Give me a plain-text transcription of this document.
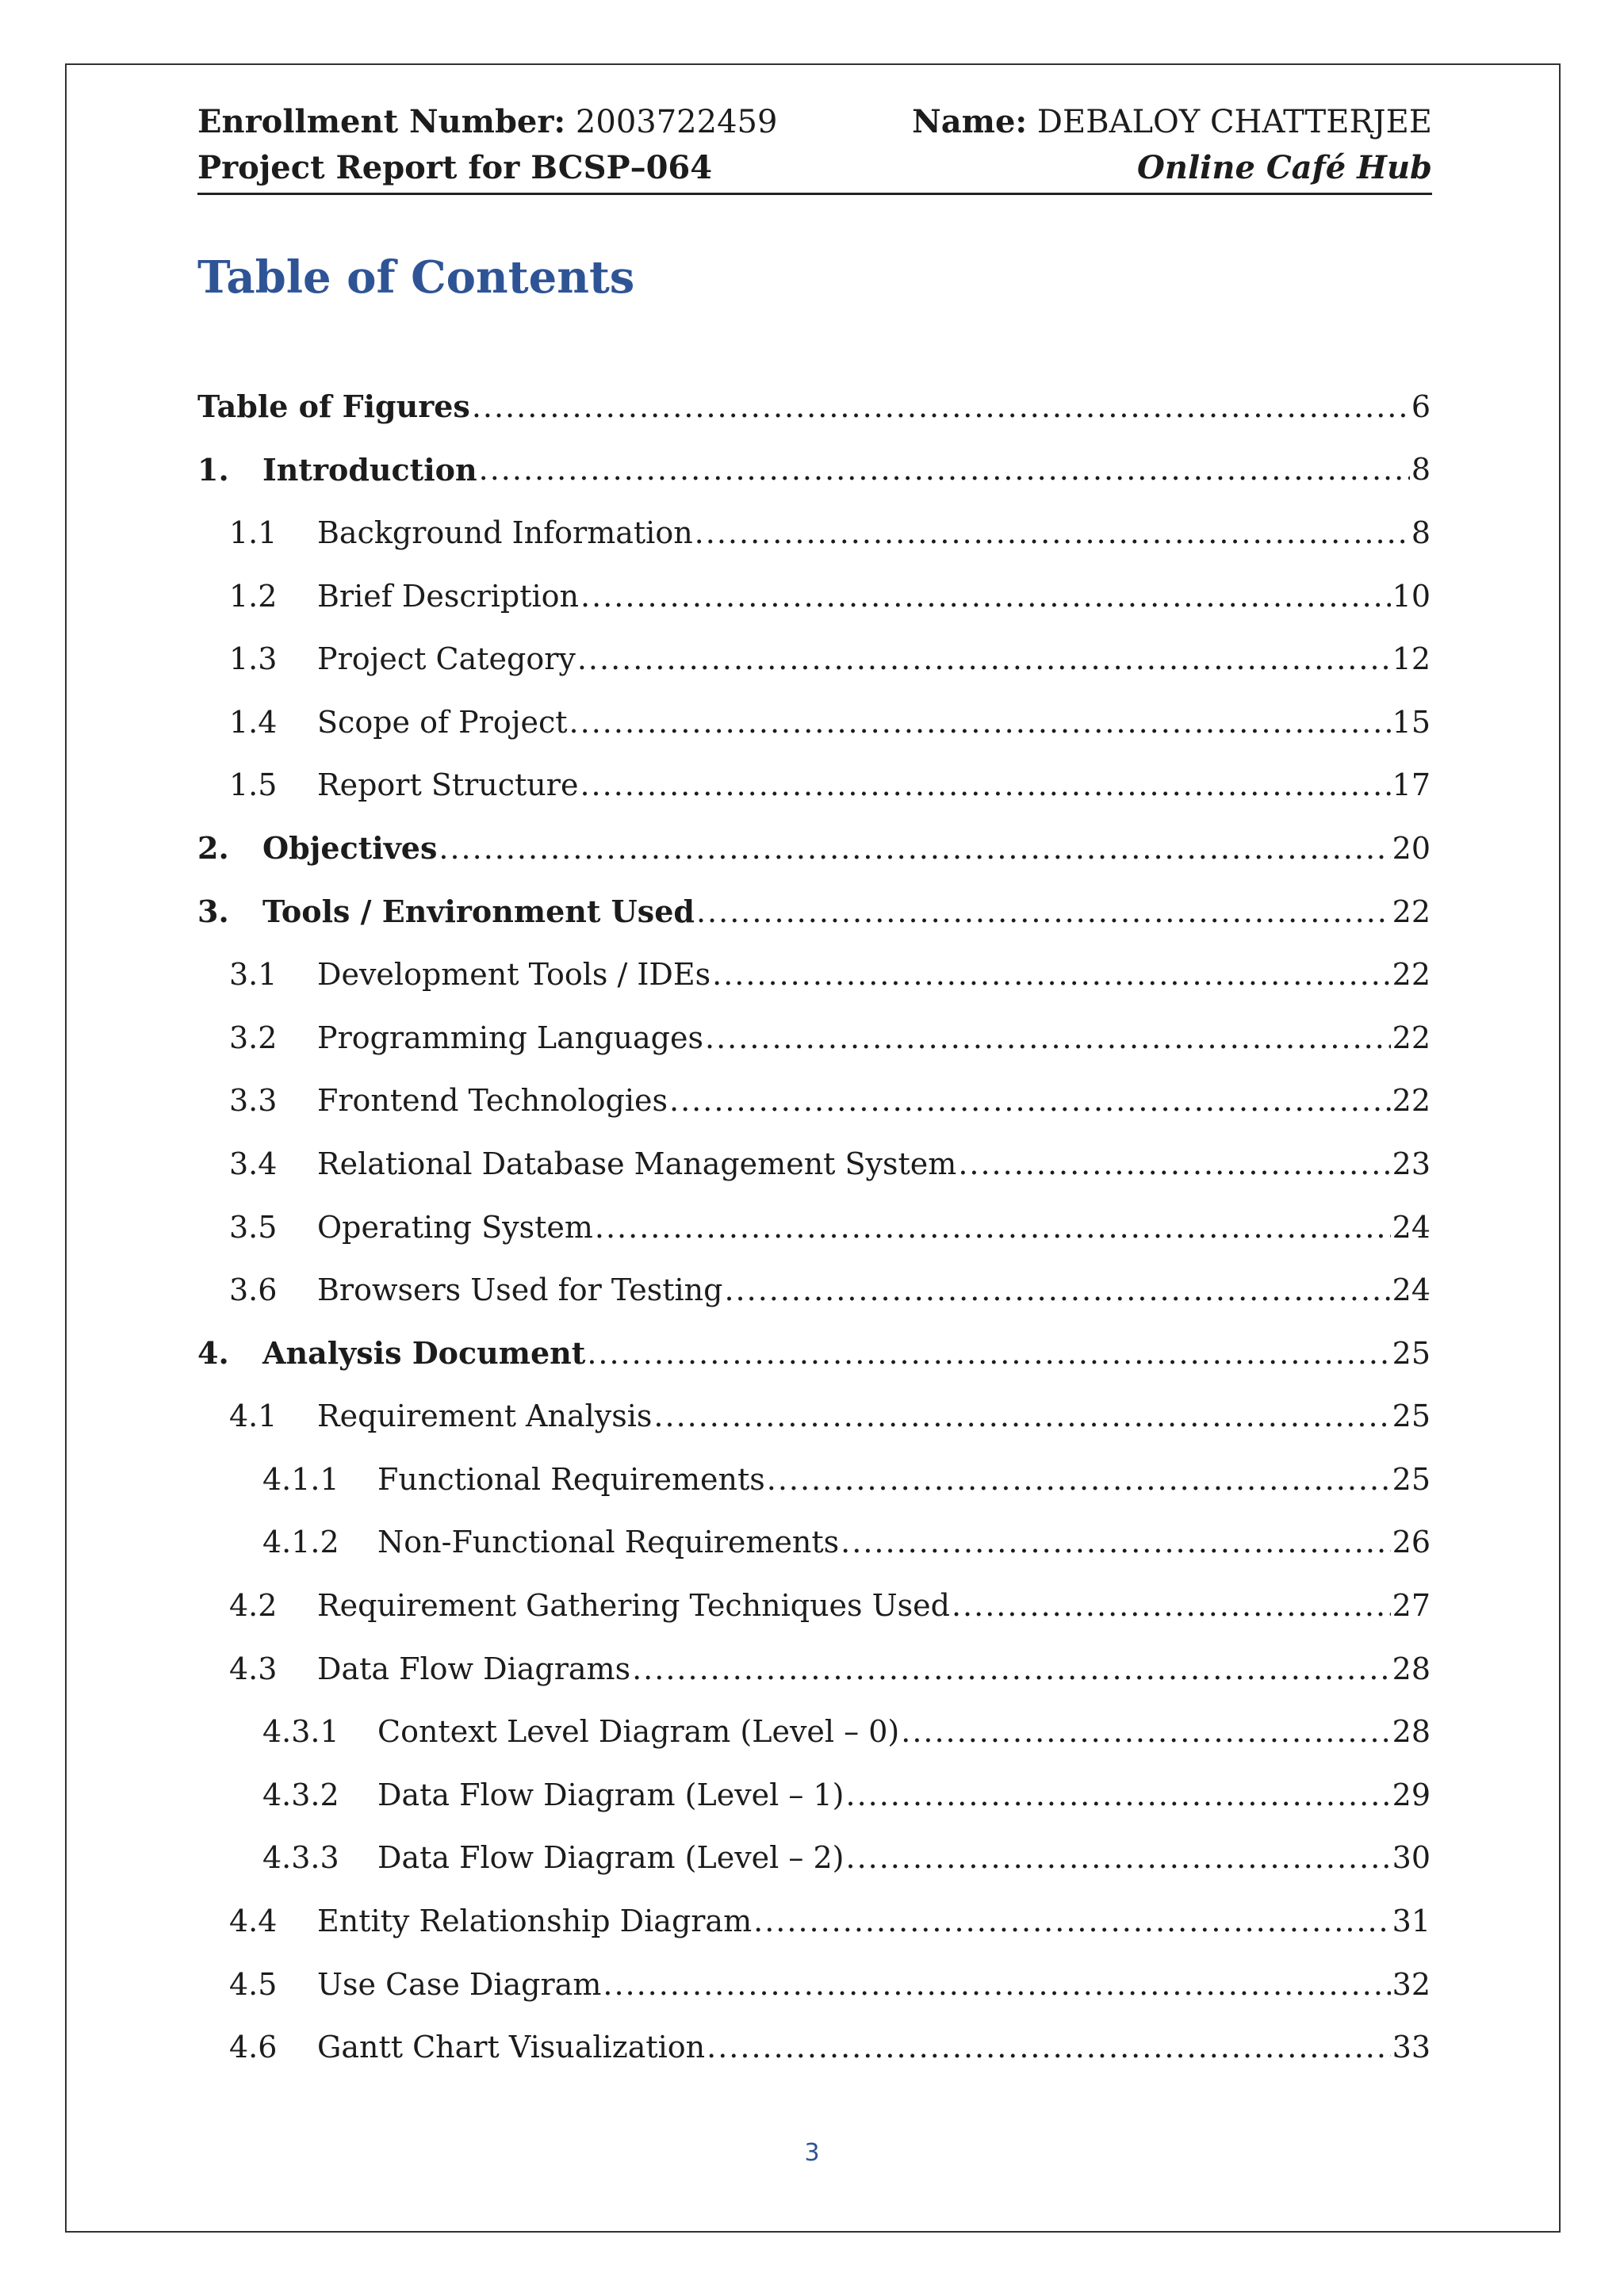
Enrollment Number: 2003722459	Name: DEBALOY CHATTERJEE
Project Report for BCSP–064	Online Café Hub
Table of Contents
Table of Figures .....	6
1.	Introduction .....	8
1.1	Background Information .....	8
1.2	Brief Description .....	10
1.3	Project Category .....	12
1.4	Scope of Project .....	15
1.5	Report Structure .....	17
2.	Objectives .....	20
3.	Tools / Environment Used .....	22
3.1	Development Tools / IDEs .....	22
3.2	Programming Languages .....	22
3.3	Frontend Technologies .....	22
3.4	Relational Database Management System .....	23
3.5	Operating System .....	24
3.6	Browsers Used for Testing .....	24
4.	Analysis Document .....	25
4.1	Requirement Analysis .....	25
4.1.1	Functional Requirements .....	25
4.1.2	Non-Functional Requirements .....	26
4.2	Requirement Gathering Techniques Used .....	27
4.3	Data Flow Diagrams .....	28
4.3.1	Context Level Diagram (Level – 0) .....	28
4.3.2	Data Flow Diagram (Level – 1) .....	29
4.3.3	Data Flow Diagram (Level – 2) .....	30
4.4	Entity Relationship Diagram .....	31
4.5	Use Case Diagram .....	32
4.6	Gantt Chart Visualization .....	33
3
